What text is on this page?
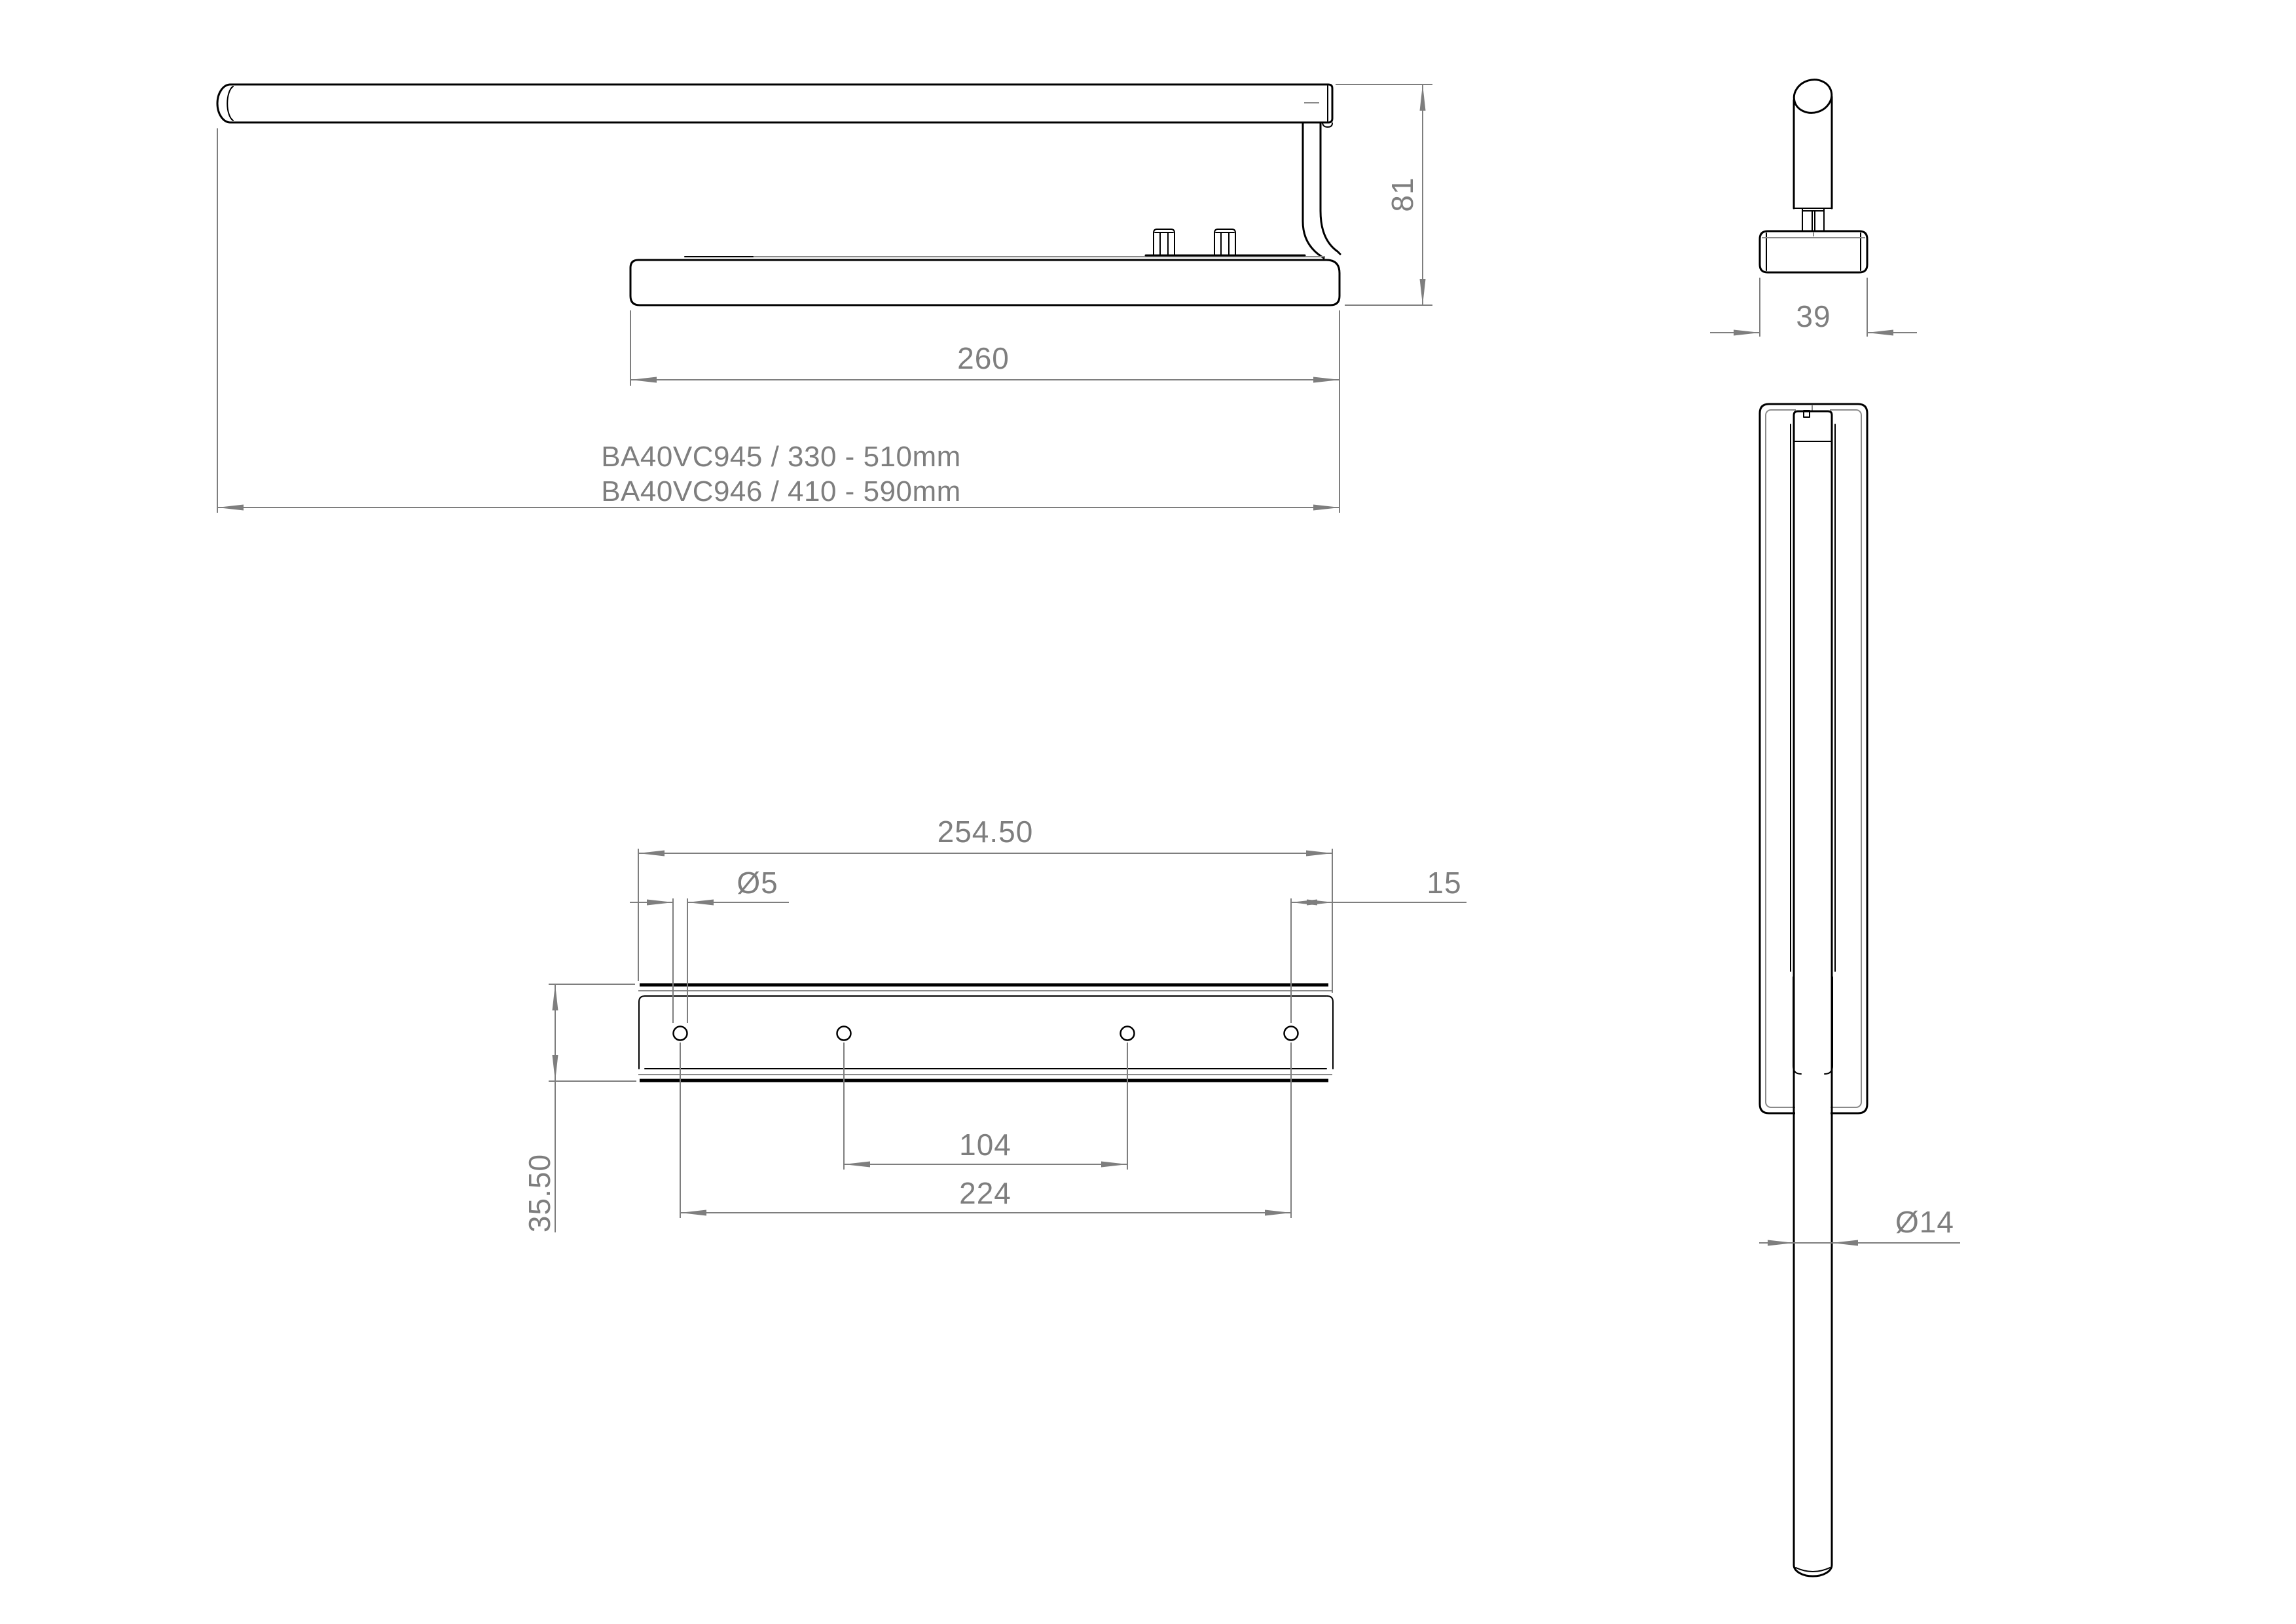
260
81
BA40VC945 / 330 - 510mm
BA40VC946 / 410 - 590mm
39
Ø14
254.50
Ø5	15
104
224
35.50
